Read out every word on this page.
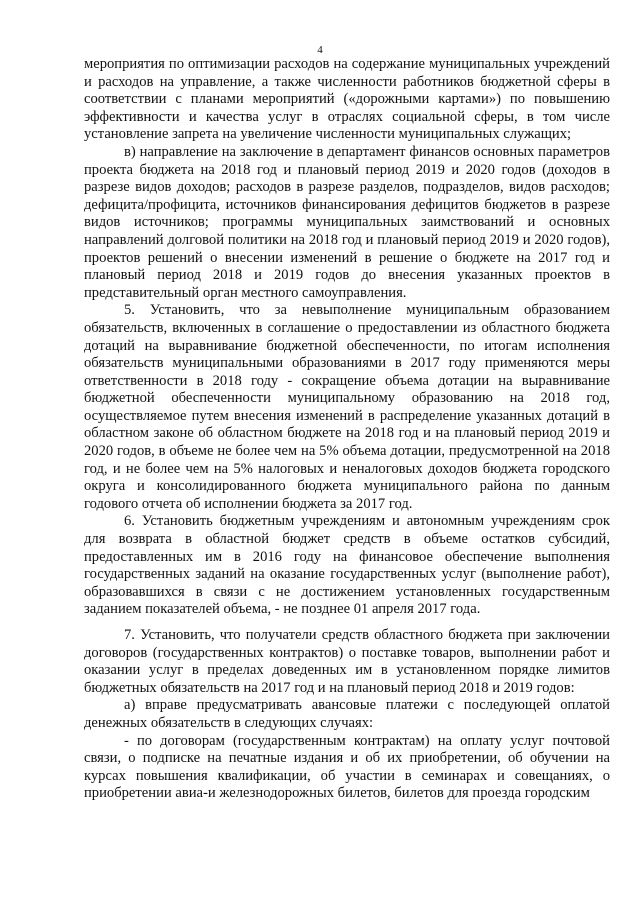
4

мероприятия по оптимизации расходов на содержание муниципальных учреждений и расходов на управление, а также численности работников бюджетной сферы в соответствии с планами мероприятий («дорожными картами») по повышению эффективности и качества услуг в отраслях социальной сферы, в том числе установление запрета на увеличение численности муниципальных служащих;

в) направление на заключение в департамент финансов основных параметров проекта бюджета на 2018 год и плановый период 2019 и 2020 годов (доходов в разрезе видов доходов; расходов в разрезе разделов, подразделов, видов расходов; дефицита/профицита, источников финансирования дефицитов бюджетов в разрезе видов источников; программы муниципальных заимствований и основных направлений долговой политики на 2018 год и плановый период 2019 и 2020 годов), проектов решений о внесении изменений в решение о бюджете на 2017 год и плановый период 2018 и 2019 годов до внесения указанных проектов в представительный орган местного самоуправления.

5. Установить, что за невыполнение муниципальным образованием обязательств, включенных в соглашение о предоставлении из областного бюджета дотаций на выравнивание бюджетной обеспеченности, по итогам исполнения обязательств муниципальными образованиями в 2017 году применяются меры ответственности в 2018 году - сокращение объема дотации на выравнивание бюджетной обеспеченности муниципальному образованию на 2018 год, осуществляемое путем внесения изменений в распределение указанных дотаций в областном законе об областном бюджете на 2018 год и на плановый период 2019 и 2020 годов, в объеме не более чем на 5% объема дотации, предусмотренной на 2018 год, и не более чем на 5% налоговых и неналоговых доходов бюджета городского округа и консолидированного бюджета муниципального района по данным годового отчета об исполнении бюджета за 2017 год.

6. Установить бюджетным учреждениям и автономным учреждениям срок для возврата в областной бюджет средств в объеме остатков субсидий, предоставленных им в 2016 году на финансовое обеспечение выполнения государственных заданий на оказание государственных услуг (выполнение работ), образовавшихся в связи с не достижением установленных государственным заданием показателей объема, - не позднее 01 апреля 2017 года.

7. Установить, что получатели средств областного бюджета при заключении договоров (государственных контрактов) о поставке товаров, выполнении работ и оказании услуг в пределах доведенных им в установленном порядке лимитов бюджетных обязательств на 2017 год и на плановый период 2018 и 2019 годов:

а) вправе предусматривать авансовые платежи с последующей оплатой денежных обязательств в следующих случаях:

- по договорам (государственным контрактам) на оплату услуг почтовой связи, о подписке на печатные издания и об их приобретении, об обучении на курсах повышения квалификации, об участии в семинарах и совещаниях, о приобретении авиа-и железнодорожных билетов, билетов для проезда городским
